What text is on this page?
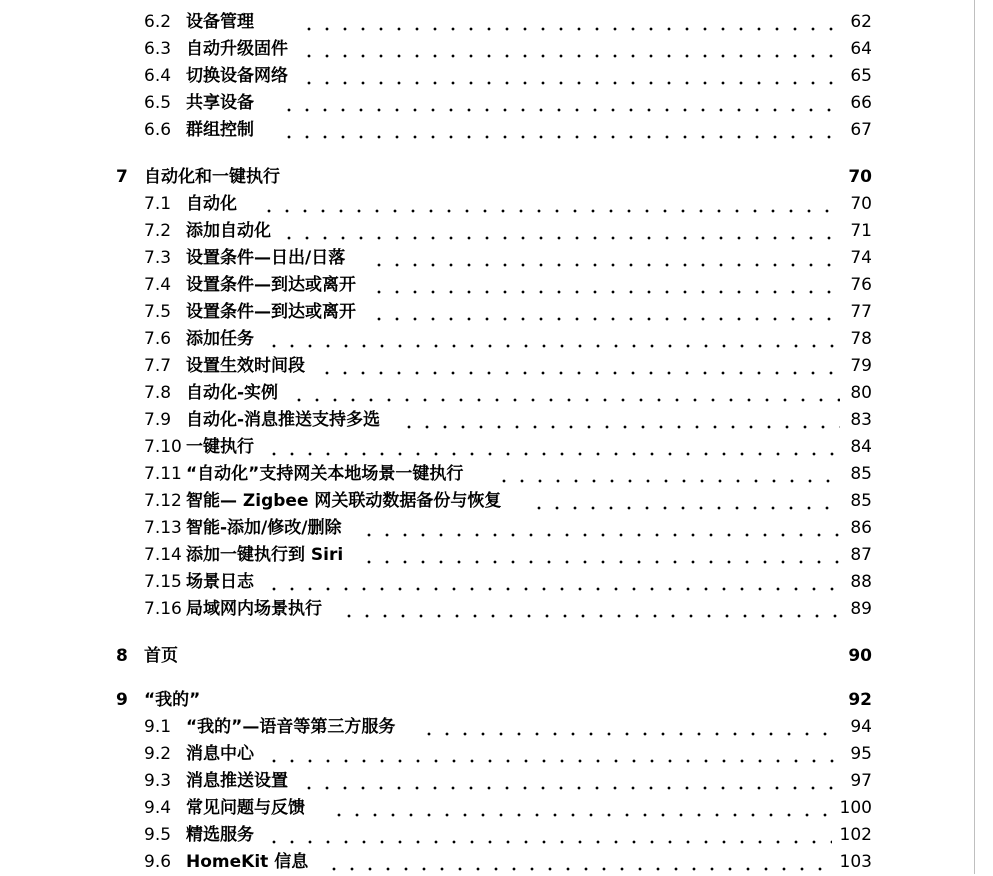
6.2 设备管理	62
6.3 自动升级固件	64
6.4 切换设备网络	65
6.5 共享设备	66
6.6 群组控制	67
7 自动化和一键执行	70
7.1 自动化	70
7.2 添加自动化	71
7.3 设置条件—日出/日落	74
7.4 设置条件—到达或离开	76
7.5 设置条件—到达或离开	77
7.6 添加任务	78
7.7 设置生效时间段	79
7.8 自动化-实例	80
7.9 自动化-消息推送支持多选	83
7.10 一键执行	84
7.11 “自动化”支持网关本地场景一键执行	85
7.12 智能— Zigbee 网关联动数据备份与恢复	85
7.13 智能-添加/修改/删除	86
7.14 添加一键执行到 Siri	87
7.15 场景日志	88
7.16 局域网内场景执行	89
8 首页	90
9 “我的”	92
9.1 “我的”—语音等第三方服务	94
9.2 消息中心	95
9.3 消息推送设置	97
9.4 常见问题与反馈	100
9.5 精选服务	102
9.6 HomeKit 信息	103
